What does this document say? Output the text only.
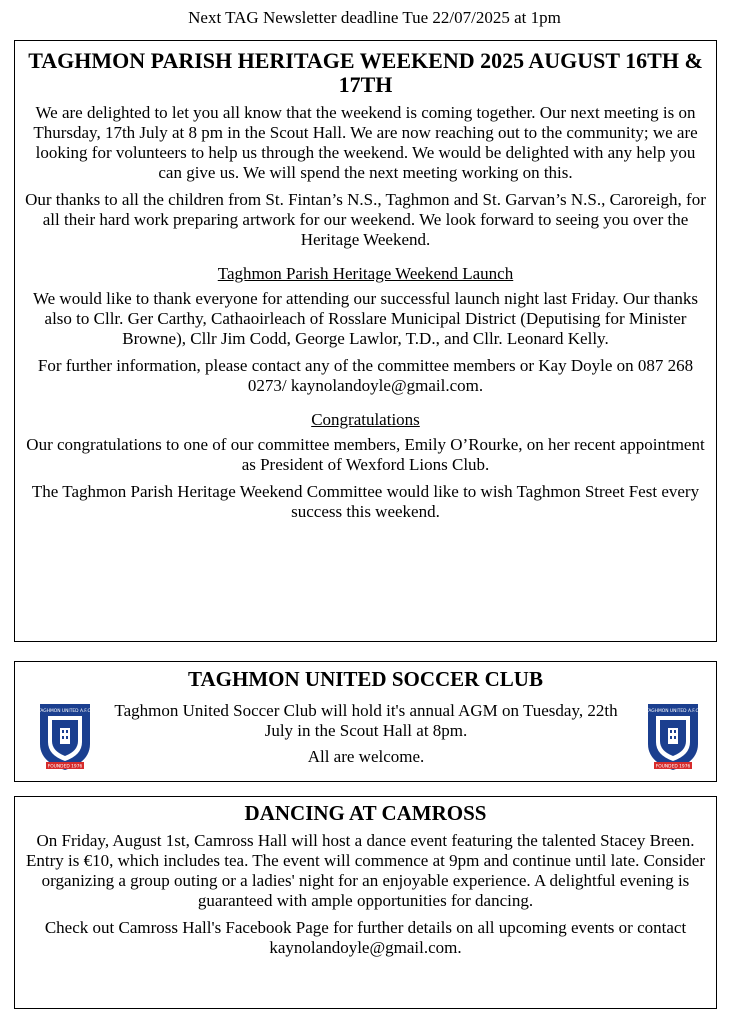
Next TAG Newsletter deadline Tue 22/07/2025 at 1pm
TAGHMON PARISH HERITAGE WEEKEND 2025 AUGUST 16TH & 17TH

We are delighted to let you all know that the weekend is coming together. Our next meeting is on Thursday, 17th July at 8 pm in the Scout Hall. We are now reaching out to the community; we are looking for volunteers to help us through the weekend. We would be delighted with any help you can give us. We will spend the next meeting working on this.

Our thanks to all the children from St. Fintan’s N.S., Taghmon and St. Garvan’s N.S., Caroreigh, for all their hard work preparing artwork for our weekend. We look forward to seeing you over the Heritage Weekend.

Taghmon Parish Heritage Weekend Launch

We would like to thank everyone for attending our successful launch night last Friday. Our thanks also to Cllr. Ger Carthy, Cathaoirleach of Rosslare Municipal District (Deputising for Minister Browne), Cllr Jim Codd, George Lawlor, T.D., and Cllr. Leonard Kelly.

For further information, please contact any of the committee members or Kay Doyle on 087 268 0273/ kaynolandoyle@gmail.com.

Congratulations

Our congratulations to one of our committee members, Emily O’Rourke, on her recent appointment as President of Wexford Lions Club.

The Taghmon Parish Heritage Weekend Committee would like to wish Taghmon Street Fest every success this weekend.

TAGHMON UNITED SOCCER CLUB
TAGHMON UNITED A.F.C.
FOUNDED 1976

Taghmon United Soccer Club will hold it's annual AGM on Tuesday, 22th July in the Scout Hall at 8pm.

All are welcome.

TAGHMON UNITED A.F.C.
FOUNDED 1976
DANCING AT CAMROSS

On Friday, August 1st, Camross Hall will host a dance event featuring the talented Stacey Breen. Entry is €10, which includes tea. The event will commence at 9pm and continue until late. Consider organizing a group outing or a ladies' night for an enjoyable experience. A delightful evening is guaranteed with ample opportunities for dancing.

Check out Camross Hall's Facebook Page for further details on all upcoming events or contact kaynolandoyle@gmail.com.
